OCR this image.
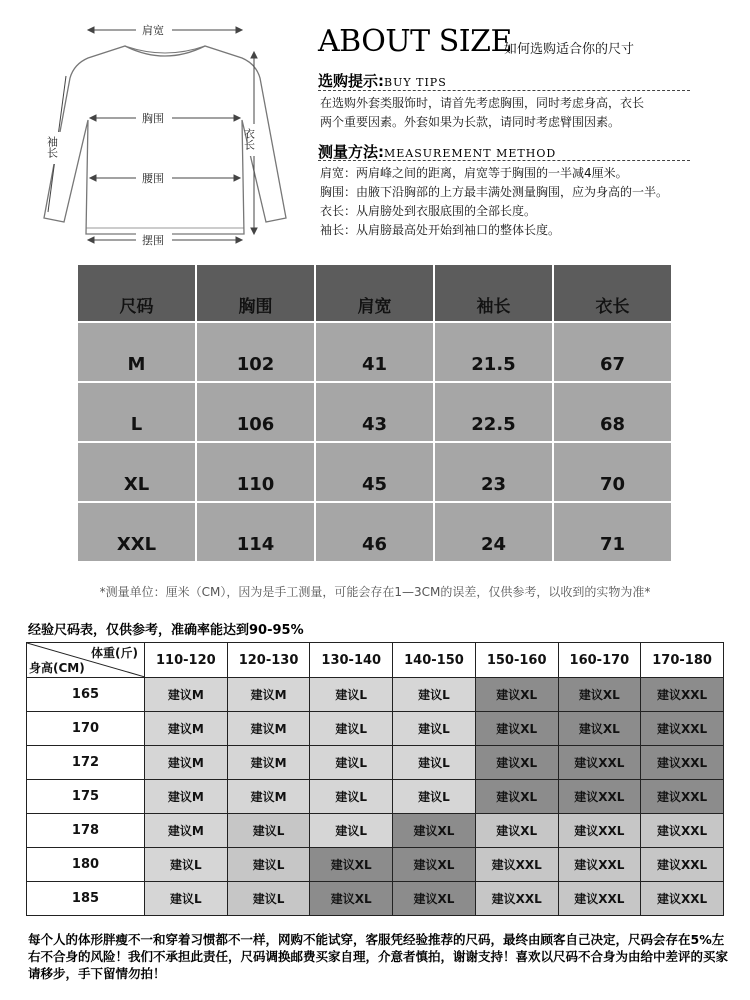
肩宽
胸围
腰围
摆围
袖长	衣长
ABOUT SIZE
如何选购适合你的尺寸
选购提示:BUY TIPS
在选购外套类服饰时，请首先考虑胸围，同时考虑身高，衣长
两个重要因素。外套如果为长款，请同时考虑臂围因素。
测量方法:MEASUREMENT METHOD
肩宽：两肩峰之间的距离，肩宽等于胸围的一半减4厘米。
胸围：由腋下沿胸部的上方最丰满处测量胸围，应为身高的一半。
衣长：从肩膀处到衣服底围的全部长度。
袖长：从肩膀最高处开始到袖口的整体长度。
尺码	胸围	肩宽	袖长	衣长
M	102	41	21.5	67
L	106	43	22.5	68
XL	110	45	23	70
XXL	114	46	24	71
*测量单位：厘米（CM），因为是手工测量，可能会存在1—3CM的误差，仅供参考，以收到的实物为准*
经验尺码表，仅供参考，准确率能达到90-95%
体重(斤)
身高(CM)	110-120	120-130	130-140	140-150	150-160	160-170	170-180
165	建议M	建议M	建议L	建议L	建议XL	建议XL	建议XXL
170	建议M	建议M	建议L	建议L	建议XL	建议XL	建议XXL
172	建议M	建议M	建议L	建议L	建议XL	建议XXL	建议XXL
175	建议M	建议M	建议L	建议L	建议XL	建议XXL	建议XXL
178	建议M	建议L	建议L	建议XL	建议XL	建议XXL	建议XXL
180	建议L	建议L	建议XL	建议XL	建议XXL	建议XXL	建议XXL
185	建议L	建议L	建议XL	建议XL	建议XXL	建议XXL	建议XXL
每个人的体形胖瘦不一和穿着习惯都不一样，网购不能试穿，客服凭经验推荐的尺码，最终由顾客自己决定，尺码会存在5%左右不合身的风险！我们不承担此责任，尺码调换邮费买家自理，介意者慎拍，谢谢支持！喜欢以尺码不合身为由给中差评的买家请移步，手下留情勿拍！
